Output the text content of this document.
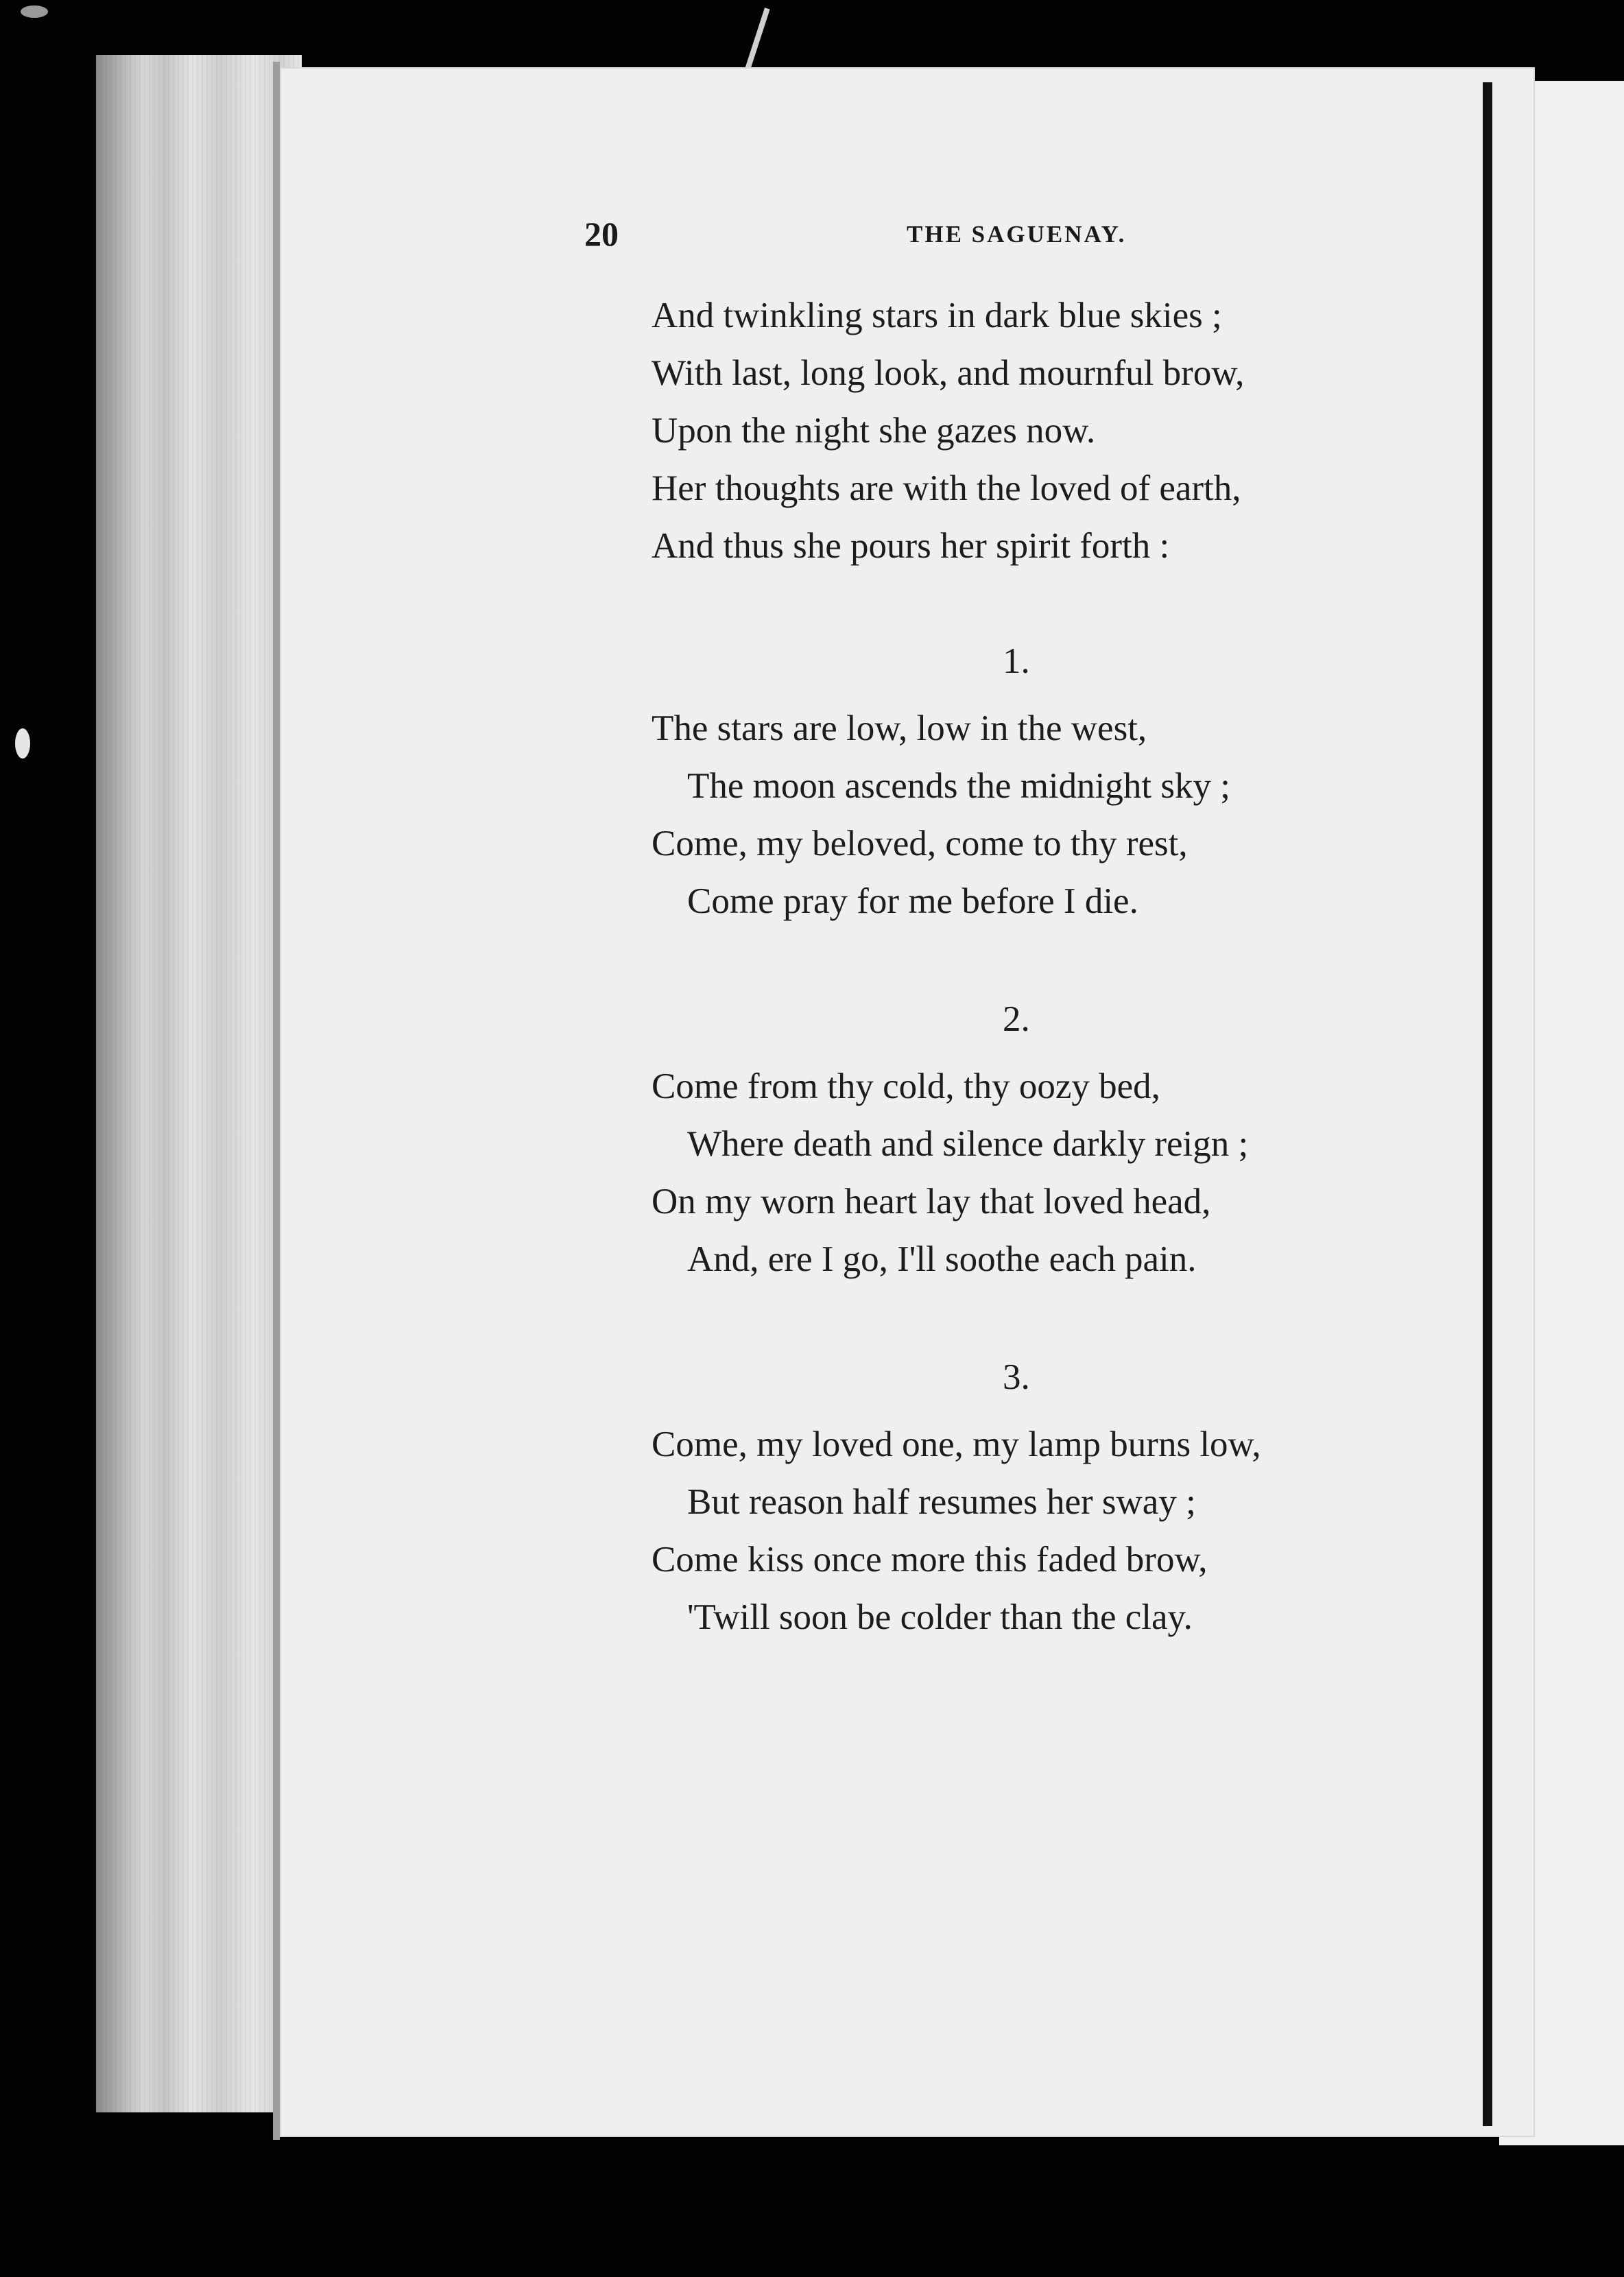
20	THE SAGUENAY.
And twinkling stars in dark blue skies ;
With last, long look, and mournful brow,
Upon the night she gazes now.
Her thoughts are with the loved of earth,
And thus she pours her spirit forth :
1.
The stars are low, low in the west,
The moon ascends the midnight sky ;
Come, my beloved, come to thy rest,
Come pray for me before I die.
2.
Come from thy cold, thy oozy bed,
Where death and silence darkly reign ;
On my worn heart lay that loved head,
And, ere I go, I'll soothe each pain.
3.
Come, my loved one, my lamp burns low,
But reason half resumes her sway ;
Come kiss once more this faded brow,
'Twill soon be colder than the clay.
